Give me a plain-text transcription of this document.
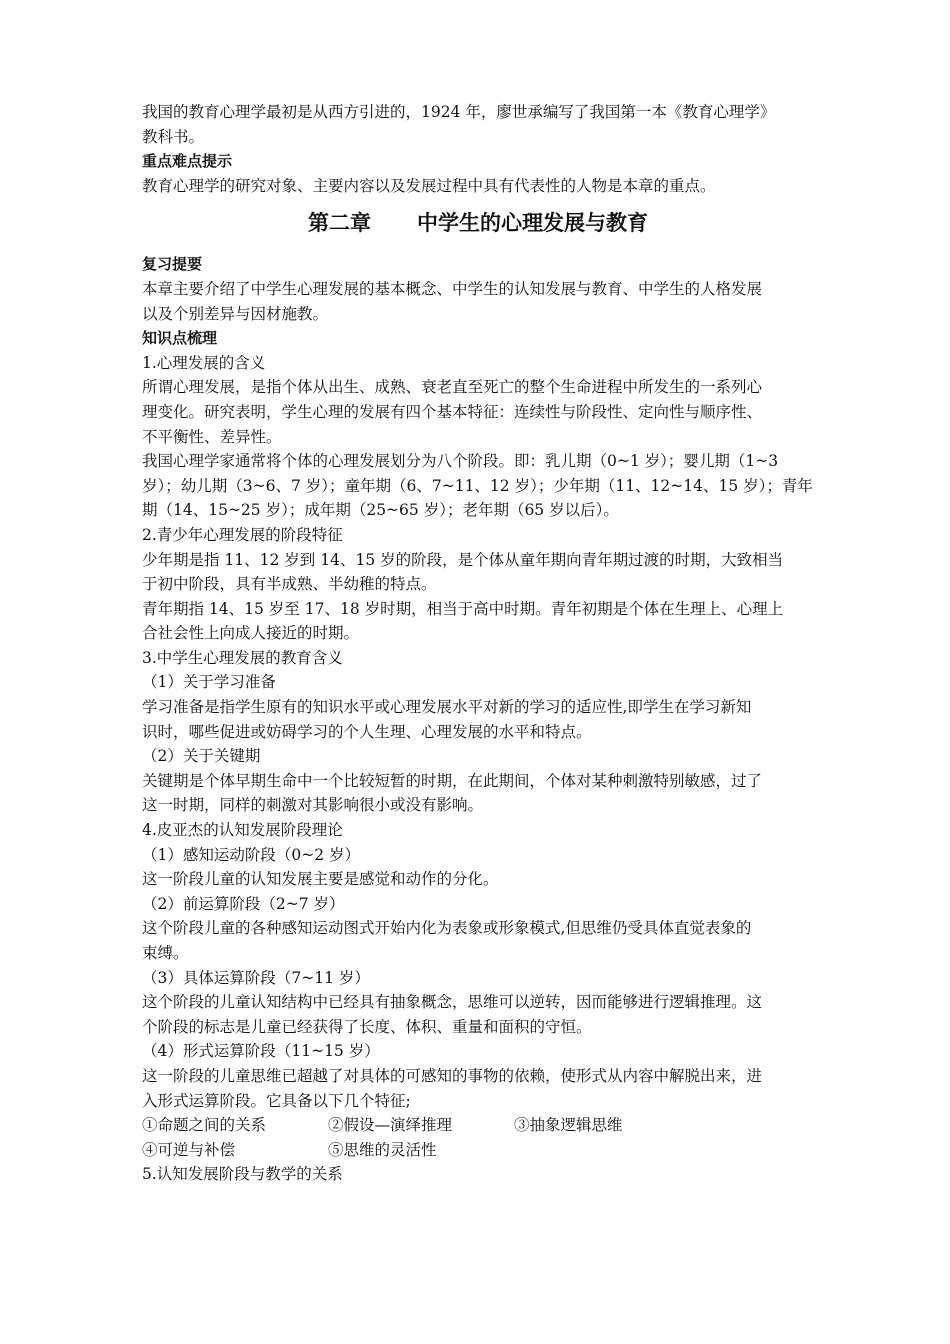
我国的教育心理学最初是从西方引进的，1924 年，廖世承编写了我国第一本《教育心理学》
教科书。
重点难点提示
教育心理学的研究对象、主要内容以及发展过程中具有代表性的人物是本章的重点。
第二章 中学生的心理发展与教育
复习提要
本章主要介绍了中学生心理发展的基本概念、中学生的认知发展与教育、中学生的人格发展
以及个别差异与因材施教。
知识点梳理
1.心理发展的含义
所谓心理发展，是指个体从出生、成熟、衰老直至死亡的整个生命进程中所发生的一系列心
理变化。研究表明，学生心理的发展有四个基本特征：连续性与阶段性、定向性与顺序性、
不平衡性、差异性。
我国心理学家通常将个体的心理发展划分为八个阶段。即：乳儿期（0~1 岁）；婴儿期（1~3
岁）；幼儿期（3~6、7 岁）；童年期（6、7~11、12 岁）；少年期（11、12~14、15 岁）；青年
期（14、15~25 岁）；成年期（25~65 岁）；老年期（65 岁以后）。
2.青少年心理发展的阶段特征
少年期是指 11、12 岁到 14、15 岁的阶段，是个体从童年期向青年期过渡的时期，大致相当
于初中阶段，具有半成熟、半幼稚的特点。
青年期指 14、15 岁至 17、18 岁时期，相当于高中时期。青年初期是个体在生理上、心理上
合社会性上向成人接近的时期。
3.中学生心理发展的教育含义
（1）关于学习准备
学习准备是指学生原有的知识水平或心理发展水平对新的学习的适应性,即学生在学习新知
识时，哪些促进或妨碍学习的个人生理、心理发展的水平和特点。
（2）关于关键期
关键期是个体早期生命中一个比较短暂的时期，在此期间，个体对某种刺激特别敏感，过了
这一时期，同样的刺激对其影响很小或没有影响。
4.皮亚杰的认知发展阶段理论
（1）感知运动阶段（0~2 岁）
这一阶段儿童的认知发展主要是感觉和动作的分化。
（2）前运算阶段（2~7 岁）
这个阶段儿童的各种感知运动图式开始内化为表象或形象模式,但思维仍受具体直觉表象的
束缚。
（3）具体运算阶段（7~11 岁）
这个阶段的儿童认知结构中已经具有抽象概念，思维可以逆转，因而能够进行逻辑推理。这
个阶段的标志是儿童已经获得了长度、体积、重量和面积的守恒。
（4）形式运算阶段（11~15 岁）
这一阶段的儿童思维已超越了对具体的可感知的事物的依赖，使形式从内容中解脱出来，进
入形式运算阶段。它具备以下几个特征;
①命题之间的关系	②假设—演绎推理	③抽象逻辑思维
④可逆与补偿	⑤思维的灵活性
5.认知发展阶段与教学的关系
